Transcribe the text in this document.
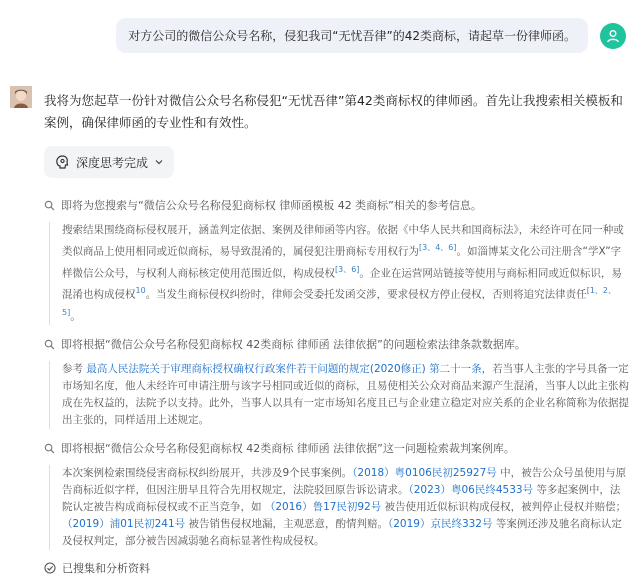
对方公司的微信公众号名称，侵犯我司“无忧吾律”的42类商标，请起草一份律师函。
我将为您起草一份针对微信公众号名称侵犯“无忧吾律”第42类商标权的律师函。首先让我搜索相关模板和案例，确保律师函的专业性和有效性。
深度思考完成
即将为您搜索与“微信公众号名称侵犯商标权 律师函模板 42 类商标”相关的参考信息。
搜索结果围绕商标侵权展开，涵盖判定依据、案例及律师函等内容。依据《中华人民共和国商标法》，未经许可在同一种或类似商品上使用相同或近似商标，易导致混淆的，属侵犯注册商标专用权行为[3、4、6]。如淄博某文化公司注册含“学X”字样微信公众号，与权利人商标核定使用范围近似，构成侵权[3、6]。企业在运营网站链接等使用与商标相同或近似标识，易混淆也构成侵权$^{10}$。当发生商标侵权纠纷时，律师会受委托发函交涉，要求侵权方停止侵权，否则将追究法律责任[1、2、5]。
即将根据“微信公众号名称侵犯商标权 42类商标 律师函 法律依据”的问题检索法律条款数据库。
参考 最高人民法院关于审理商标授权确权行政案件若干问题的规定(2020修正) 第二十一条，若当事人主张的字号具备一定市场知名度，他人未经许可申请注册与该字号相同或近似的商标，且易使相关公众对商品来源产生混淆，当事人以此主张构成在先权益的，法院予以支持。此外，当事人以具有一定市场知名度且已与企业建立稳定对应关系的企业名称简称为依据提出主张的，同样适用上述规定。
即将根据“微信公众号名称侵犯商标权 42类商标 律师函 法律依据”这一问题检索裁判案例库。
本次案例检索围绕侵害商标权纠纷展开，共涉及9个民事案例。（2018）粤0106民初25927号 中，被告公众号虽使用与原告商标近似字样，但因注册早且符合先用权规定，法院驳回原告诉讼请求。（2023）粤06民终4533号 等多起案例中，法院认定被告构成商标侵权或不正当竞争，如 （2016）鲁17民初92号 被告使用近似标识构成侵权，被判停止侵权并赔偿；（2019）浦01民初241号 被告销售侵权地漏，主观恶意，酌情判赔。（2019）京民终332号 等案例还涉及驰名商标认定及侵权判定，部分被告因减弱驰名商标显著性构成侵权。
已搜集和分析资料
